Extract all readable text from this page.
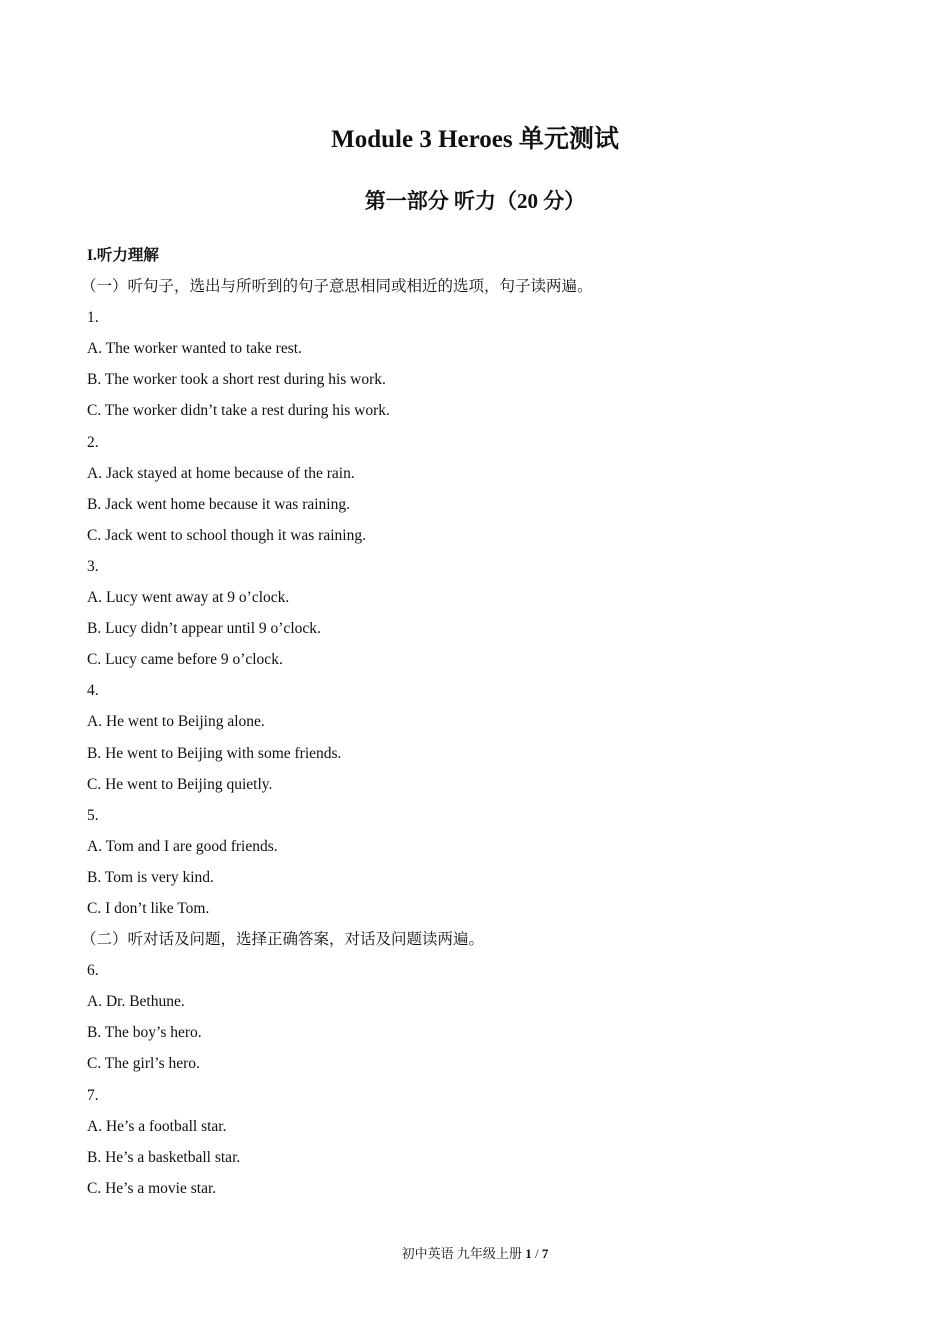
Module 3 Heroes 单元测试
第一部分 听力（20 分）
I.听力理解
（一）听句子，选出与所听到的句子意思相同或相近的选项，句子读两遍。
1.
A. The worker wanted to take rest.
B. The worker took a short rest during his work.
C. The worker didn’t take a rest during his work.
2.
A. Jack stayed at home because of the rain.
B. Jack went home because it was raining.
C. Jack went to school though it was raining.
3.
A. Lucy went away at 9 o’clock.
B. Lucy didn’t appear until 9 o’clock.
C. Lucy came before 9 o’clock.
4.
A. He went to Beijing alone.
B. He went to Beijing with some friends.
C. He went to Beijing quietly.
5.
A. Tom and I are good friends.
B. Tom is very kind.
C. I don’t like Tom.
（二）听对话及问题，选择正确答案，对话及问题读两遍。
6.
A. Dr. Bethune.
B. The boy’s hero.
C. The girl’s hero.
7.
A. He’s a football star.
B. He’s a basketball star.
C. He’s a movie star.
初中英语 九年级上册 1 / 7
